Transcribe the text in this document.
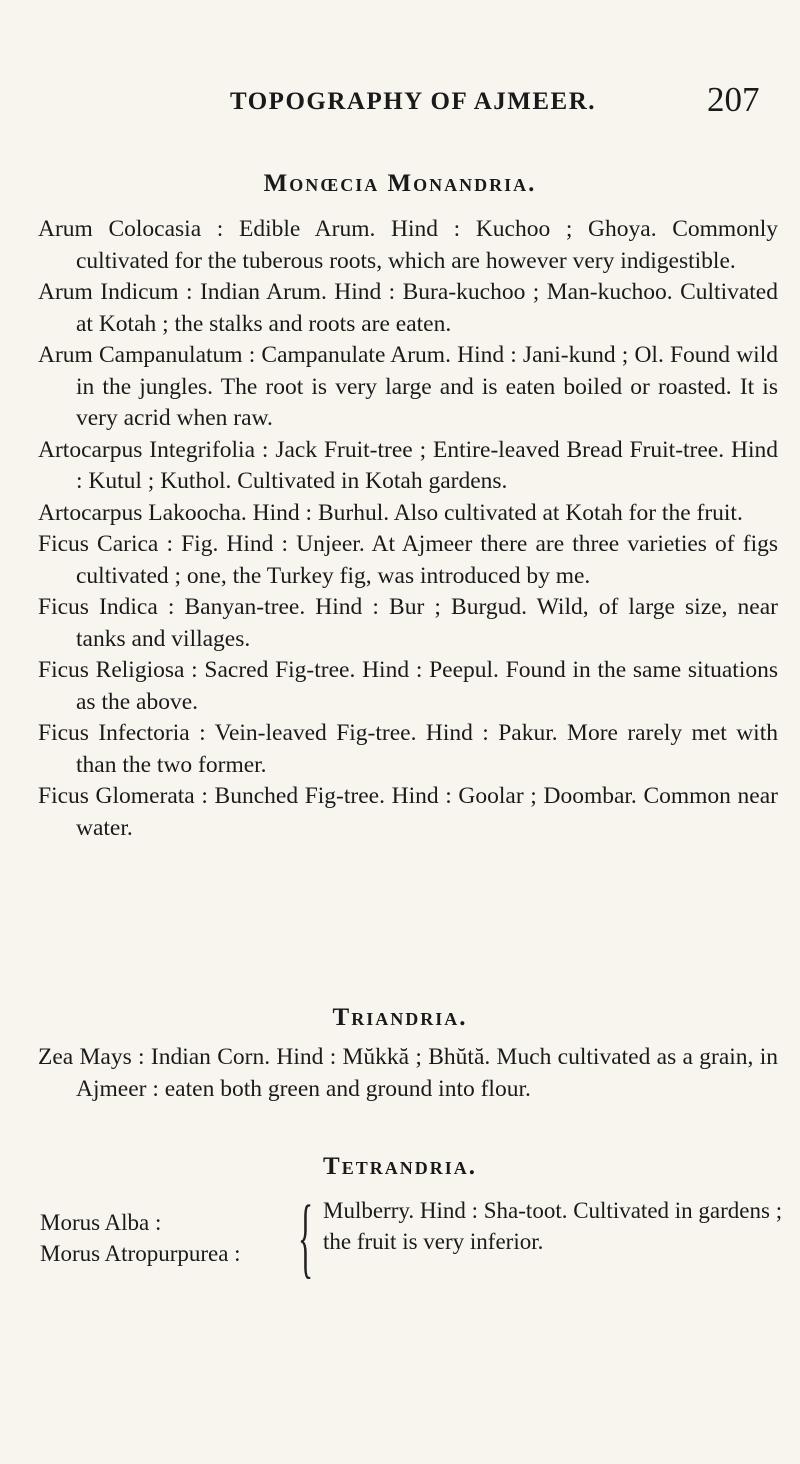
TOPOGRAPHY OF AJMEER.	207
Monœcia Monandria.

Arum Colocasia : Edible Arum. Hind : Kuchoo ; Ghoya. Commonly cultivated for the tuberous roots, which are however very indigestible.

Arum Indicum : Indian Arum. Hind : Bura-kuchoo ; Man-kuchoo. Cultivated at Kotah ; the stalks and roots are eaten.

Arum Campanulatum : Campanulate Arum. Hind : Jani-kund ; Ol. Found wild in the jungles. The root is very large and is eaten boiled or roasted. It is very acrid when raw.

Artocarpus Integrifolia : Jack Fruit-tree ; Entire-leaved Bread Fruit-tree. Hind : Kutul ; Kuthol. Cultivated in Kotah gardens.

Artocarpus Lakoocha. Hind : Burhul. Also cultivated at Kotah for the fruit.

Ficus Carica : Fig. Hind : Unjeer. At Ajmeer there are three varieties of figs cultivated ; one, the Turkey fig, was introduced by me.

Ficus Indica : Banyan-tree. Hind : Bur ; Burgud. Wild, of large size, near tanks and villages.

Ficus Religiosa : Sacred Fig-tree. Hind : Peepul. Found in the same situations as the above.

Ficus Infectoria : Vein-leaved Fig-tree. Hind : Pakur. More rarely met with than the two former.

Ficus Glomerata : Bunched Fig-tree. Hind : Goolar ; Doombar. Common near water.

Triandria.

Zea Mays : Indian Corn. Hind : Mŭkkă ; Bhŭtă. Much cultivated as a grain, in Ajmeer : eaten both green and ground into flour.

Tetrandria.
Morus Alba :
Morus Atropurpurea : { Mulberry. Hind : Sha-toot. Cultivated in gardens ; the fruit is very inferior.
